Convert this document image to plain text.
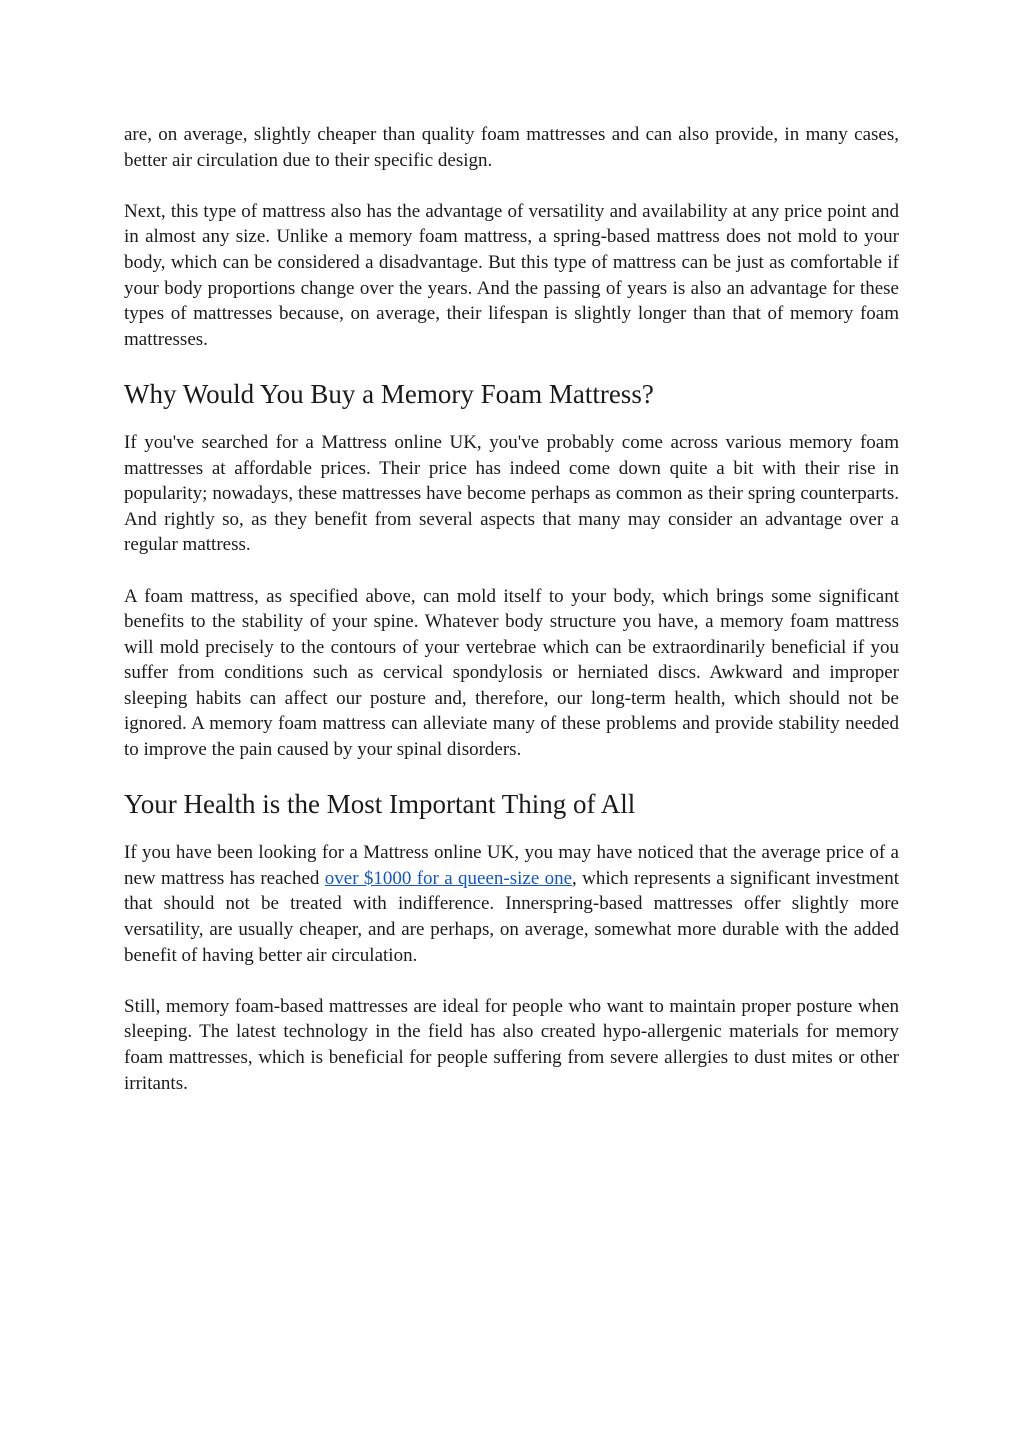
are, on average, slightly cheaper than quality foam mattresses and can also provide, in many cases, better air circulation due to their specific design.

Next, this type of mattress also has the advantage of versatility and availability at any price point and in almost any size. Unlike a memory foam mattress, a spring-based mattress does not mold to your body, which can be considered a disadvantage. But this type of mattress can be just as comfortable if your body proportions change over the years. And the passing of years is also an advantage for these types of mattresses because, on average, their lifespan is slightly longer than that of memory foam mattresses.

Why Would You Buy a Memory Foam Mattress?

If you've searched for a Mattress online UK, you've probably come across various memory foam mattresses at affordable prices. Their price has indeed come down quite a bit with their rise in popularity; nowadays, these mattresses have become perhaps as common as their spring counterparts. And rightly so, as they benefit from several aspects that many may consider an advantage over a regular mattress.

A foam mattress, as specified above, can mold itself to your body, which brings some significant benefits to the stability of your spine. Whatever body structure you have, a memory foam mattress will mold precisely to the contours of your vertebrae which can be extraordinarily beneficial if you suffer from conditions such as cervical spondylosis or herniated discs. Awkward and improper sleeping habits can affect our posture and, therefore, our long-term health, which should not be ignored. A memory foam mattress can alleviate many of these problems and provide stability needed to improve the pain caused by your spinal disorders.

Your Health is the Most Important Thing of All

If you have been looking for a Mattress online UK, you may have noticed that the average price of a new mattress has reached over $1000 for a queen-size one, which represents a significant investment that should not be treated with indifference. Innerspring-based mattresses offer slightly more versatility, are usually cheaper, and are perhaps, on average, somewhat more durable with the added benefit of having better air circulation.

Still, memory foam-based mattresses are ideal for people who want to maintain proper posture when sleeping. The latest technology in the field has also created hypo-allergenic materials for memory foam mattresses, which is beneficial for people suffering from severe allergies to dust mites or other irritants.
